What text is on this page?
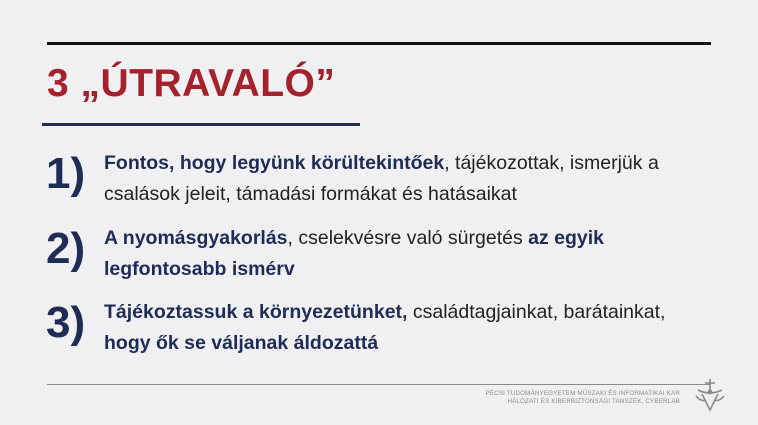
3 „ÚTRAVALÓ”
1) Fontos, hogy legyünk körültekintőek, tájékozottak, ismerjük a csalások jeleit, támadási formákat és hatásaikat
2) A nyomásgyakorlás, cselekvésre való sürgetés az egyik legfontosabb ismérv
3) Tájékoztassuk a környezetünket, családtagjainkat, barátainkat, hogy ők se váljanak áldozattá
PÉCSI TUDOMÁNYEGYETEM MŰSZAKI ÉS INFORMATIKAI KAR
HÁLÓZATI ÉS KIBERBIZTONSÁGI TANSZÉK, CYBERLAB
